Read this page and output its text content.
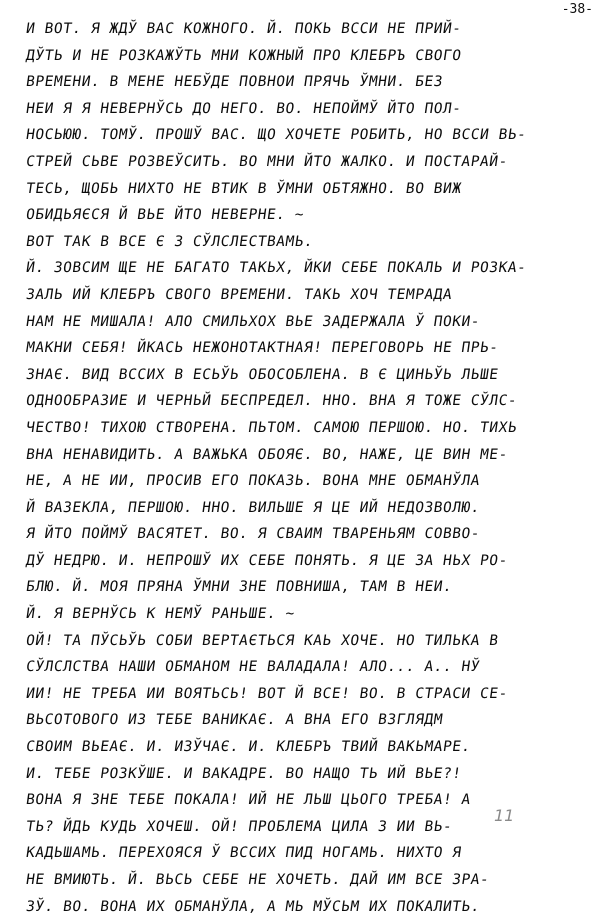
-38-
И ВОТ. Я ЖДЎ ВАС КОЖНОГО. Й. ПОКЬ ВССИ НЕ ПРИЙ-
ДЎТЬ И НЕ РОЗКАЖЎТЬ МНИ КОЖНЫЙ ПРО КЛЕБРЪ СВОГО
ВРЕМЕНИ. В МЕНЕ НЕБЎДЕ ПОВНОИ ПРЯЧЬ ЎМНИ. БЕЗ
НЕИ Я Я НЕВЕРНЎСЬ ДО НЕГО. ВО. НЕПОЙМЎ ЙТО ПОЛ-
НОСЬЮЮ. ТОМЎ. ПРОШЎ ВАС. ЩО ХОЧЕТЕ РОБИТЬ, НО ВССИ ВЬ-
СТРЕЙ СЬВЕ РОЗВЕЎСИТЬ. ВО МНИ ЙТО ЖАЛКО. И ПОСТАРАЙ-
ТЕСЬ, ЩОБЬ НИХТО НЕ ВТИК В ЎМНИ ОБТЯЖНО. ВО ВИЖ
ОБИДЬЯЄСЯ Й ВЬЕ ЙТО НЕВЕРНЕ. ~
ВОТ ТАК В ВСЕ Є З СЎЛСЛЕСТВАМЬ.
Й. ЗОВСИМ ЩЕ НЕ БАГАТО ТАКЬХ, ЙКИ СЕБЕ ПОКАЛЬ И РОЗКА-
ЗАЛЬ ИЙ КЛЕБРЪ СВОГО ВРЕМЕНИ. ТАКЬ ХОЧ ТЕМРАДА
НАМ НЕ МИШАЛА! АЛО СМИЛЬХОХ ВЬЕ ЗАДЕРЖАЛА Ў ПОКИ-
МАКНИ СЕБЯ! ЙКАСЬ НЕЖОНОТАКТНАЯ! ПЕРЕГОВОРЬ НЕ ПРЬ-
ЗНАЄ. ВИД ВССИХ В ЕСЬЎЬ ОБОСОБЛЕНА. В Є ЦИНЬЎЬ ЛЬШЕ
ОДНООБРАЗИЕ И ЧЕРНЬЙ БЕСПРЕДЕЛ. ННО. ВНА Я ТОЖЕ СЎЛС-
ЧЕСТВО! ТИХОЮ СТВОРЕНА. ПЬТОМ. САМОЮ ПЕРШОЮ. НО. ТИХЬ
ВНА НЕНАВИДИТЬ. А ВАЖЬКА ОБОЯЄ. ВО, НАЖЕ, ЦЕ ВИН МЕ-
НЕ, А НЕ ИИ, ПРОСИВ ЕГО ПОКАЗЬ. ВОНА МНЕ ОБМАНЎЛА
Й ВАЗЕКЛА, ПЕРШОЮ. ННО. ВИЛЬШЕ Я ЦЕ ИЙ НЕДОЗВОЛЮ.
Я ЙТО ПОЙМЎ ВАСЯТЕТ. ВО. Я СВАИМ ТВАРЕНЬЯМ СОВВО-
ДЎ НЕДРЮ. И. НЕПРОШЎ ИХ СЕБЕ ПОНЯТЬ. Я ЦЕ ЗА НЬХ РО-
БЛЮ. Й. МОЯ ПРЯНА ЎМНИ ЗНЕ ПОВНИША, ТАМ В НЕИ.
Й. Я ВЕРНЎСЬ К НЕМЎ РАНЬШЕ. ~
ОЙ! ТА ПЎСЬЎЬ СОБИ ВЕРТАЄТЬСЯ КАЬ ХОЧЕ. НО ТИЛЬКА В
СЎЛСЛСТВА НАШИ ОБМАНОМ НЕ ВАЛАДАЛА! АЛО... А.. НЎ
ИИ! НЕ ТРЕБА ИИ ВОЯТЬСЬ! ВОТ Й ВСЕ! ВО. В СТРАСИ СЕ-
ВЬСОТОВОГО ИЗ ТЕБЕ ВАНИКАЄ. А ВНА ЕГО ВЗГЛЯДМ
СВОИМ ВЬЕАЄ. И. ИЗЎЧАЄ. И. КЛЕБРЪ ТВИЙ ВАКЬМАРЕ.
И. ТЕБЕ РОЗКЎШЕ. И ВАКАДРЕ. ВО НАЩО ТЬ ИЙ ВЬЕ?!
ВОНА Я ЗНЕ ТЕБЕ ПОКАЛА! ИЙ НЕ ЛЬШ ЦЬОГО ТРЕБА! А
ТЬ? ЙДЬ КУДЬ ХОЧЕШ. ОЙ! ПРОБЛЕМА ЦИЛА З ИИ ВЬ-
КАДЬШАМЬ. ПЕРЕХОЯСЯ Ў ВССИХ ПИД НОГАМЬ. НИХТО Я
НЕ ВМИЮТЬ. Й. ВЬСЬ СЕБЕ НЕ ХОЧЕТЬ. ДАЙ ИМ ВСЕ ЗРА-
ЗЎ. ВО. ВОНА ИХ ОБМАНЎЛА, А МЬ МЎСЬМ ИХ ПОКАЛИТЬ.
11
